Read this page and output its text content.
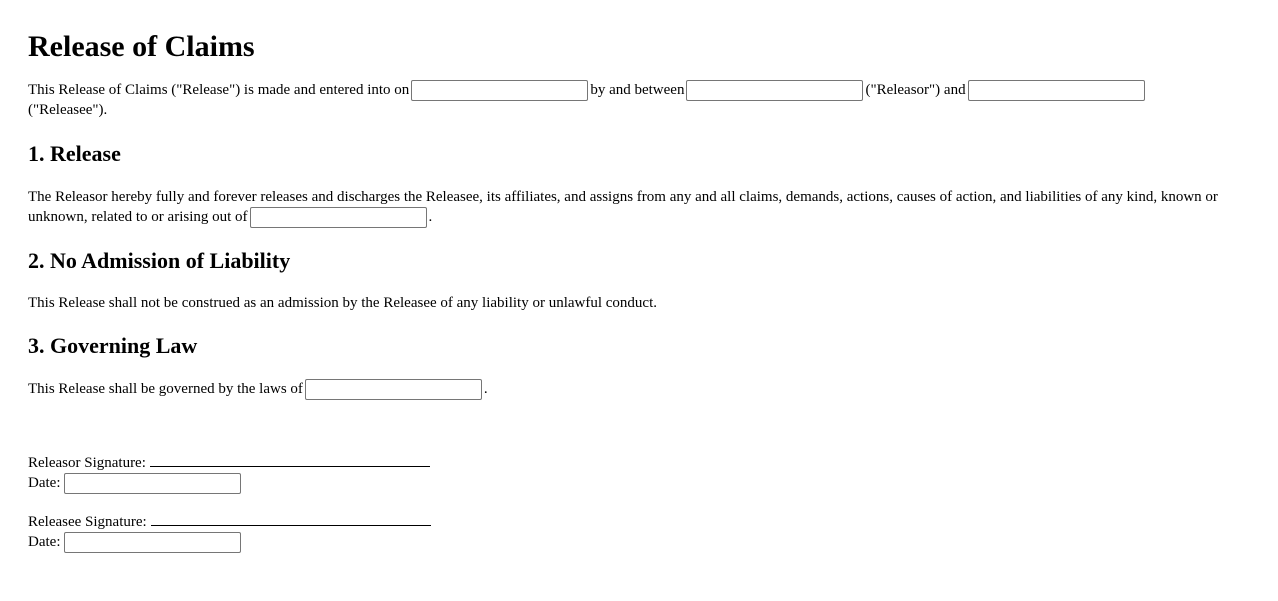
Release of Claims

This Release of Claims ("Release") is made and entered into on	by and between	("Releasor") and
("Releasee").

1. Release

The Releasor hereby fully and forever releases and discharges the Releasee, its affiliates, and assigns from any and all claims, demands, actions, causes of action, and liabilities of any kind, known or unknown, related to or arising out of	.

2. No Admission of Liability

This Release shall not be construed as an admission by the Releasee of any liability or unlawful conduct.

3. Governing Law

This Release shall be governed by the laws of	.

Releasor Signature:
Date:
Releasee Signature:
Date:
